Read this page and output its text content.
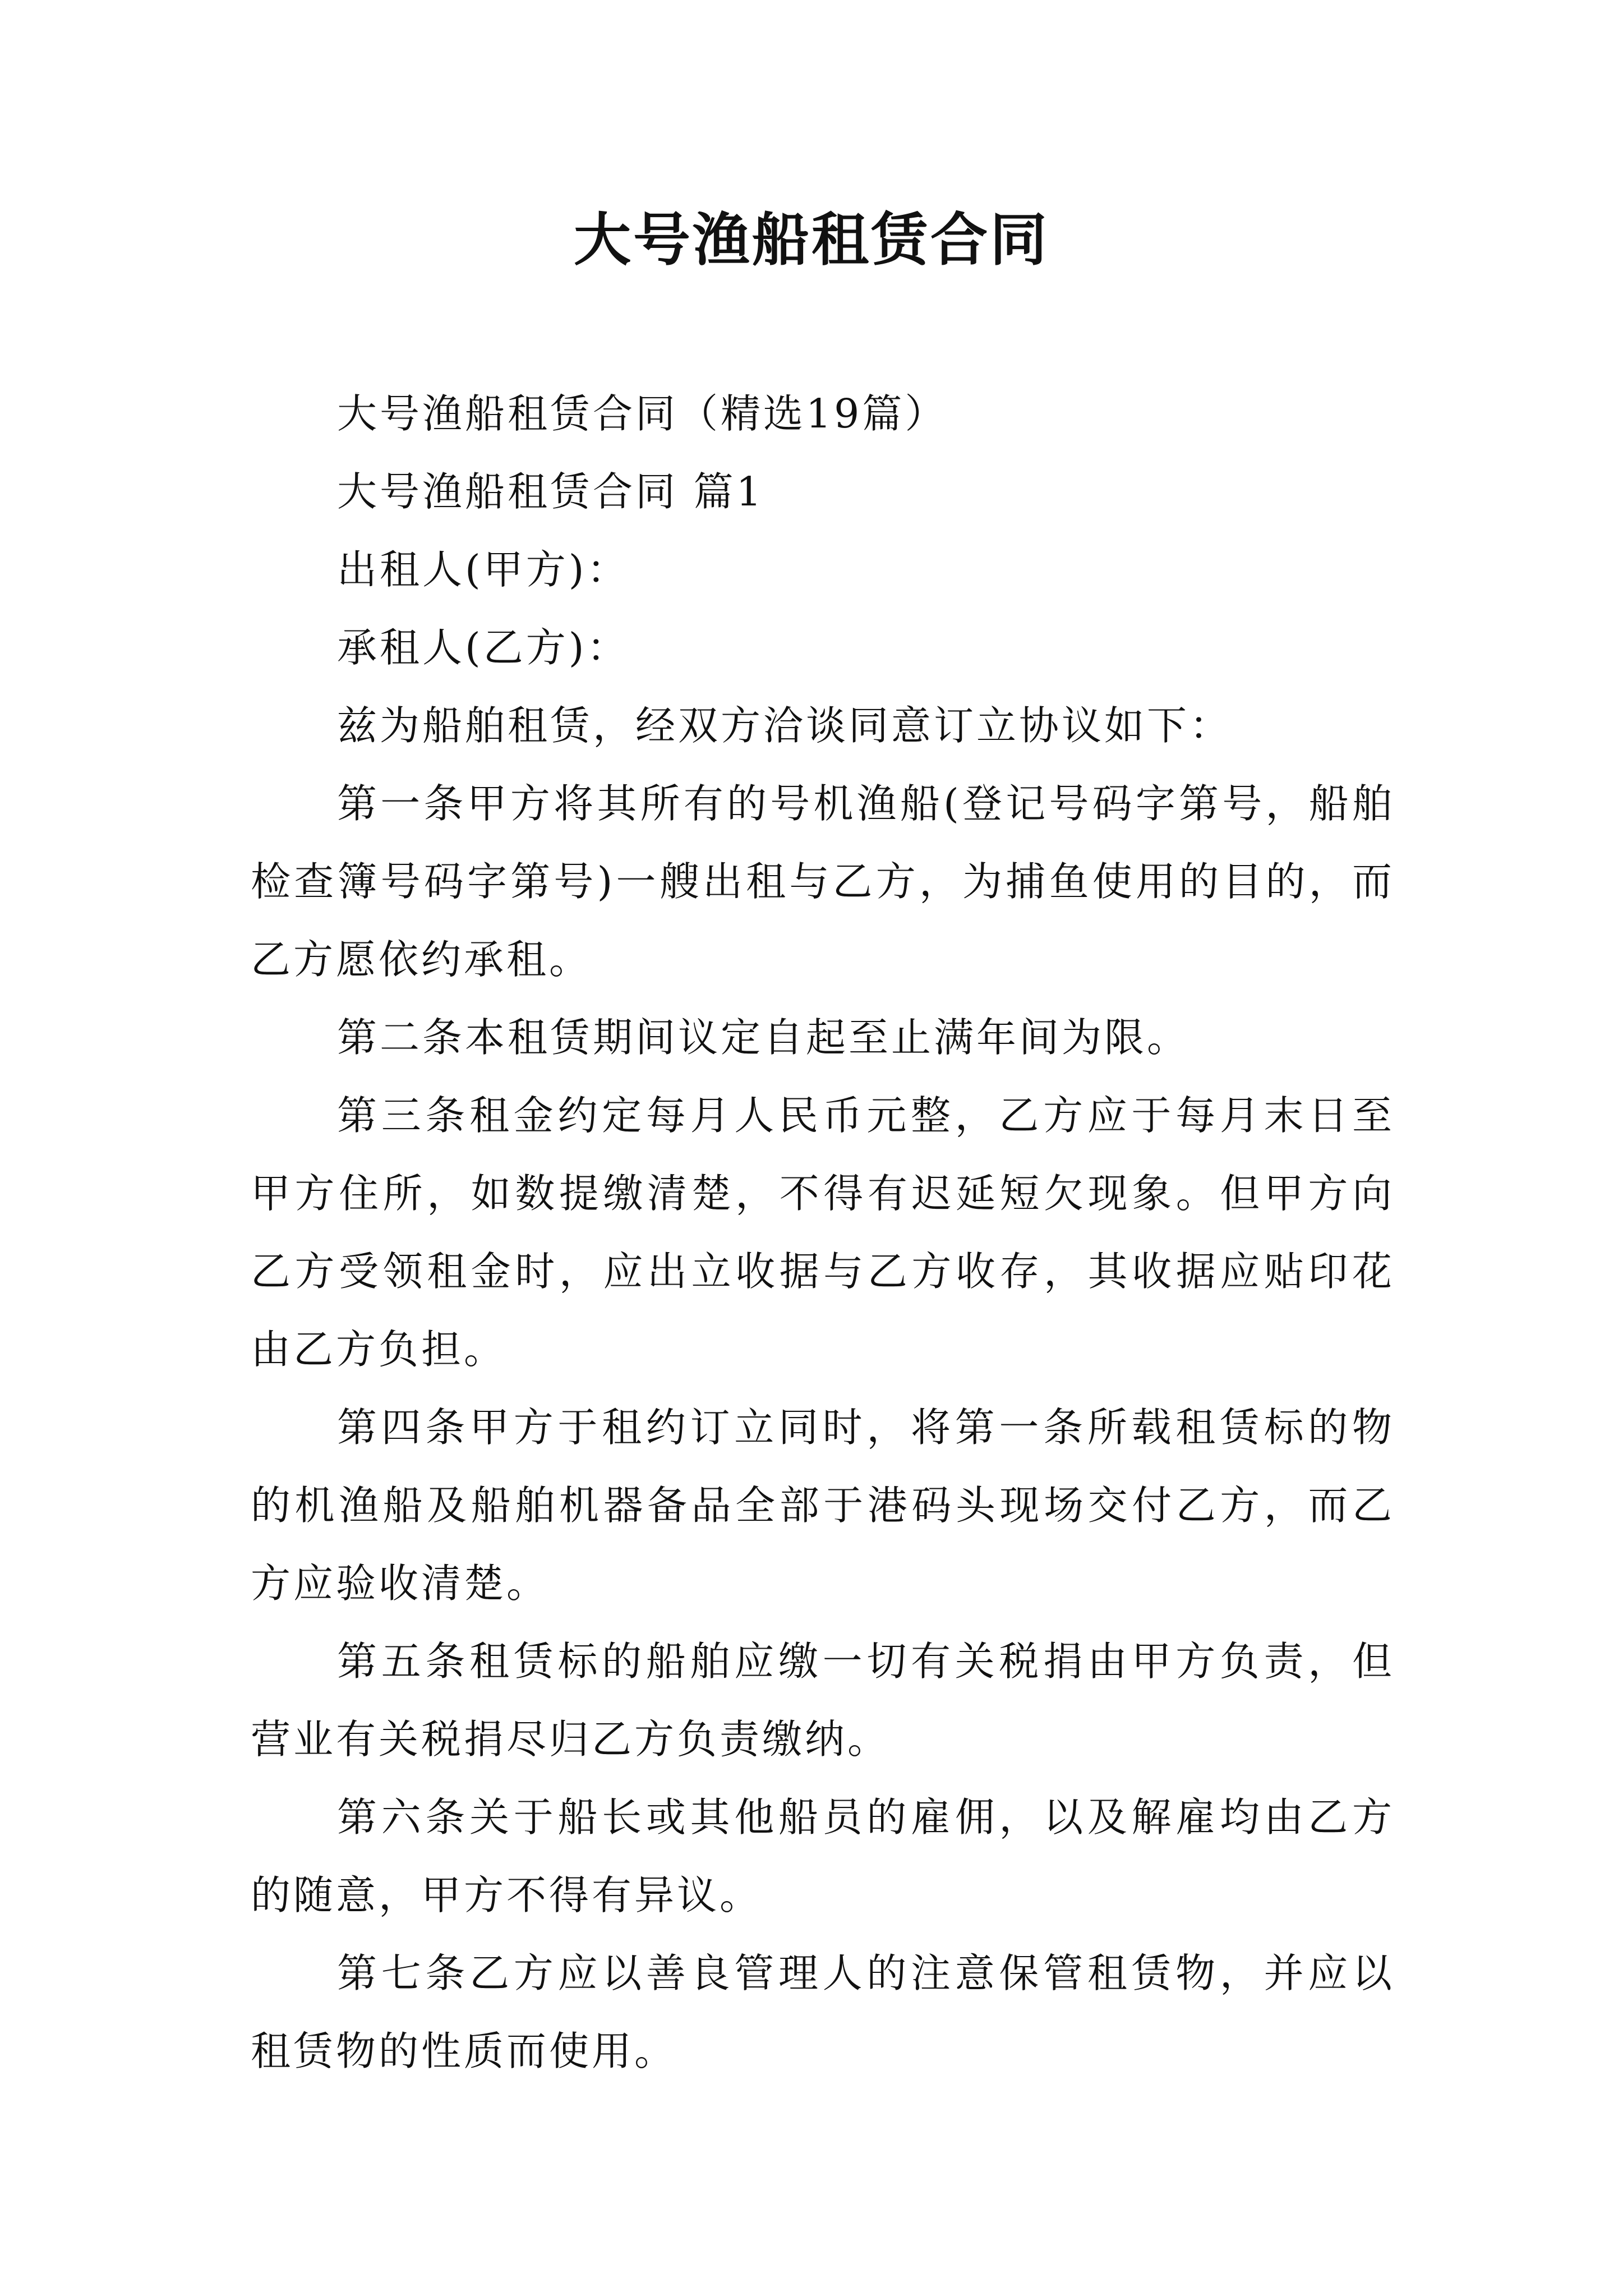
大号渔船租赁合同

大号渔船租赁合同（精选19篇）

大号渔船租赁合同 篇1

出租人(甲方)：

承租人(乙方)：

兹为船舶租赁，经双方洽谈同意订立协议如下：

第一条甲方将其所有的号机渔船(登记号码字第号，船舶检查簿号码字第号)一艘出租与乙方，为捕鱼使用的目的，而乙方愿依约承租。

第二条本租赁期间议定自起至止满年间为限。

第三条租金约定每月人民币元整，乙方应于每月末日至甲方住所，如数提缴清楚，不得有迟延短欠现象。但甲方向乙方受领租金时，应出立收据与乙方收存，其收据应贴印花由乙方负担。

第四条甲方于租约订立同时，将第一条所载租赁标的物的机渔船及船舶机器备品全部于港码头现场交付乙方，而乙方应验收清楚。

第五条租赁标的船舶应缴一切有关税捐由甲方负责，但营业有关税捐尽归乙方负责缴纳。

第六条关于船长或其他船员的雇佣，以及解雇均由乙方的随意，甲方不得有异议。

第七条乙方应以善良管理人的注意保管租赁物，并应以租赁物的性质而使用。
